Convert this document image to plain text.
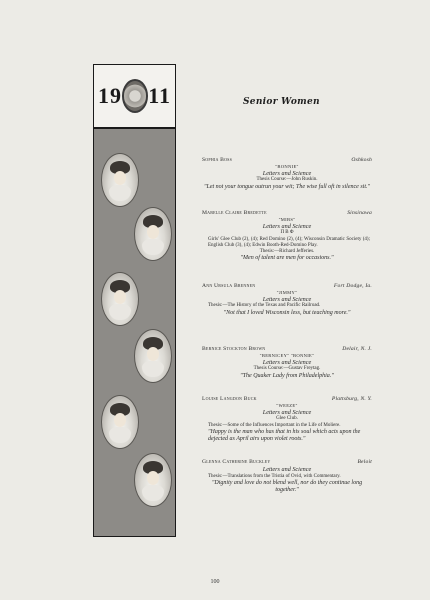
19 11	Senior Women
Sophia Boss	Oshkosh
"BONNIE"
Letters and Science
Thesis Course:—John Ruskin.
"Let not your tongue outrun your wit; The wise full oft in silence sit."
Mabelle Claire Bredette	Sinsinawa
"MIBS"
Letters and Science
Π Β Φ
Girls' Glee Club (2), (4); Red Domino (2), (4); Wisconsin Dramatic Society (4); English Club (3), (4); Edwin Booth-Red-Domino Play.
Thesis:—Richard Jefferies.
"Men of talent are men for occasions."
Ann Ursula Brennen	Fort Dodge, Ia.
"JIMMY"
Letters and Science
Thesis:—The History of the Texas and Pacific Railroad.
"Not that I loved Wisconsin less, but teaching more."
Bernice Stockton Brown	Delair, N. J.
"BERNICEY" "BONNIE"
Letters and Science
Thesis Course:—Gustav Freytag.
"The Quaker Lady from Philadelphia."
Louise Langdon Buck	Plattsburg, N. Y.
"WEEZE"
Letters and Science
Glee Club.
Thesis:—Some of the Influences Important in the Life of Moliere.
"Happy is the man who has that in his soul which acts upon the dejected as April airs upon violet roots."
Glenna Catherine Buckley	Beloit
Letters and Science
Thesis:—Translations from the Tristia of Ovid, with Commentary.
"Dignity and love do not blend well, nor do they continue long together."
100
